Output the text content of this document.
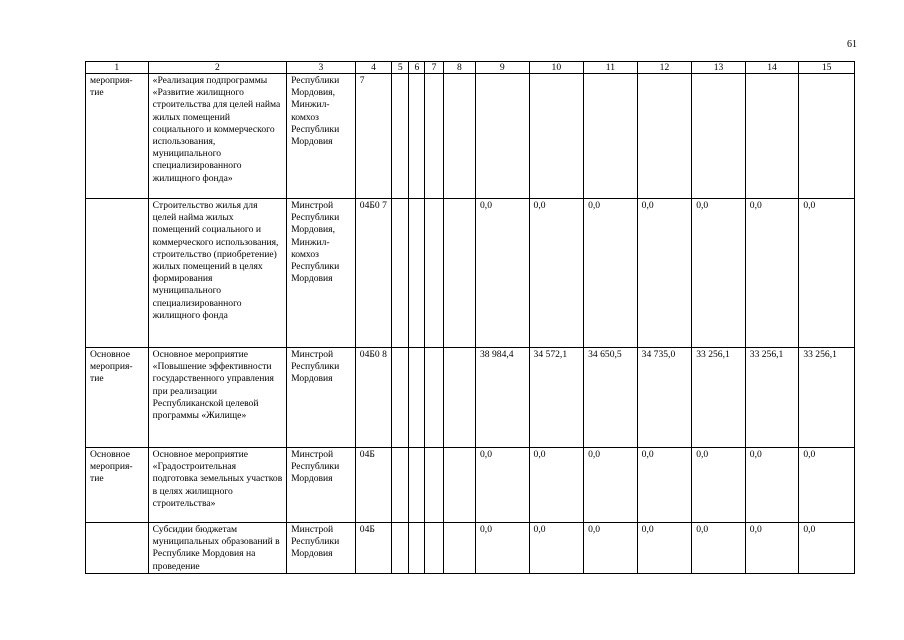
61
1	2	3	4	5	6	7	8	9	10	11	12	13	14	15
мероприя- тие	«Реализация подпрограммы «Развитие жилищного строительства для целей найма жилых помещений социального и коммерческого использования, муниципального специализированного жилищного фонда»	Республики Мордовия, Минжил- комхоз Республики Мордовия	7											
	Строительство жилья для целей найма жилых помещений социального и коммерческого использования, строительство (приобретение) жилых помещений в целях формирования муниципального специализированного жилищного фонда	Минстрой Республики Мордовия, Минжил- комхоз Республики Мордовия	04Б0 7					0,0	0,0	0,0	0,0	0,0	0,0	0,0
Основное мероприя- тие	Основное мероприятие «Повышение эффективности государственного управления при реализации Республиканской целевой программы «Жилище»	Минстрой Республики Мордовия	04Б0 8					38 984,4	34 572,1	34 650,5	34 735,0	33 256,1	33 256,1	33 256,1
Основное мероприя- тие	Основное мероприятие «Градостроительная подготовка земельных участков в целях жилищного строительства»	Минстрой Республики Мордовия	04Б					0,0	0,0	0,0	0,0	0,0	0,0	0,0
	Субсидии бюджетам муниципальных образований в Республике Мордовия на проведение	Минстрой Республики Мордовия	04Б					0,0	0,0	0,0	0,0	0,0	0,0	0,0
